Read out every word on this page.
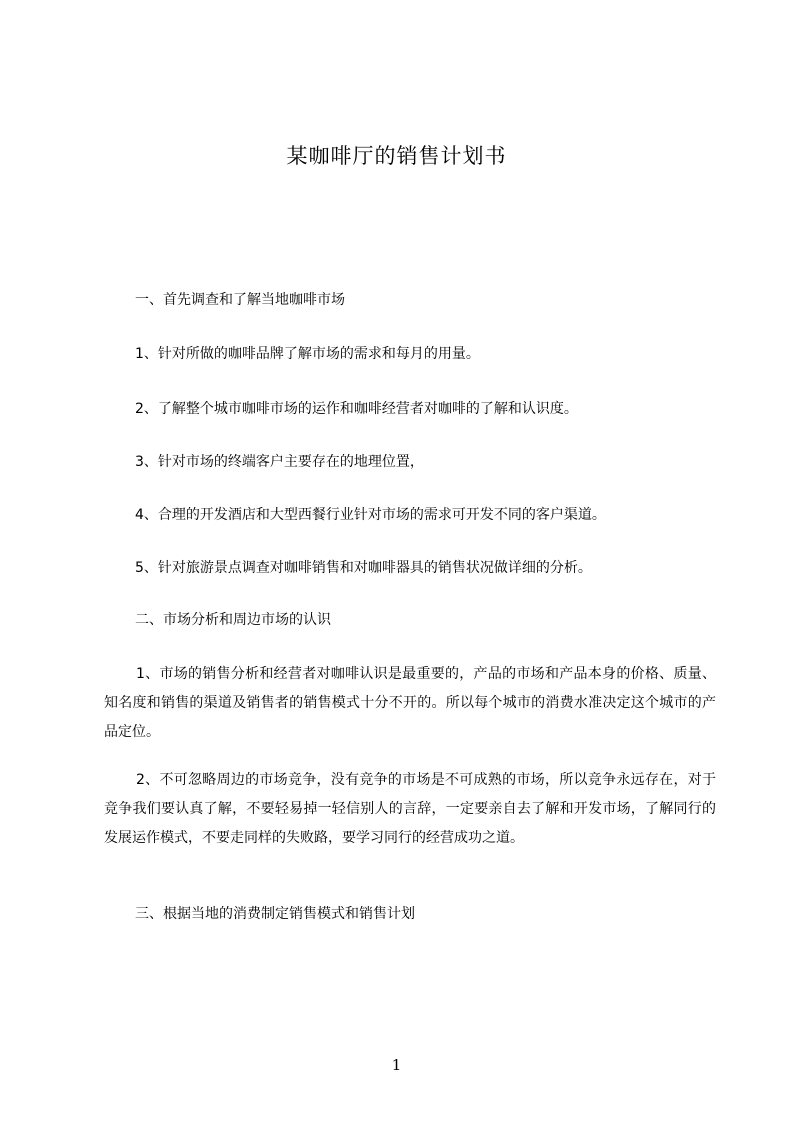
某咖啡厅的销售计划书
一、首先调查和了解当地咖啡市场
1、针对所做的咖啡品牌了解市场的需求和每月的用量。
2、了解整个城市咖啡市场的运作和咖啡经营者对咖啡的了解和认识度。
3、针对市场的终端客户主要存在的地理位置，
4、合理的开发酒店和大型西餐行业针对市场的需求可开发不同的客户渠道。
5、针对旅游景点调查对咖啡销售和对咖啡器具的销售状况做详细的分析。
二、市场分析和周边市场的认识
1、市场的销售分析和经营者对咖啡认识是最重要的，产品的市场和产品本身的价格、质量、知名度和销售的渠道及销售者的销售模式十分不开的。所以每个城市的消费水准决定这个城市的产品定位。
2、不可忽略周边的市场竞争，没有竞争的市场是不可成熟的市场，所以竞争永远存在，对于竞争我们要认真了解，不要轻易掉一轻信别人的言辞，一定要亲自去了解和开发市场，了解同行的发展运作模式，不要走同样的失败路，要学习同行的经营成功之道。
三、根据当地的消费制定销售模式和销售计划
1
